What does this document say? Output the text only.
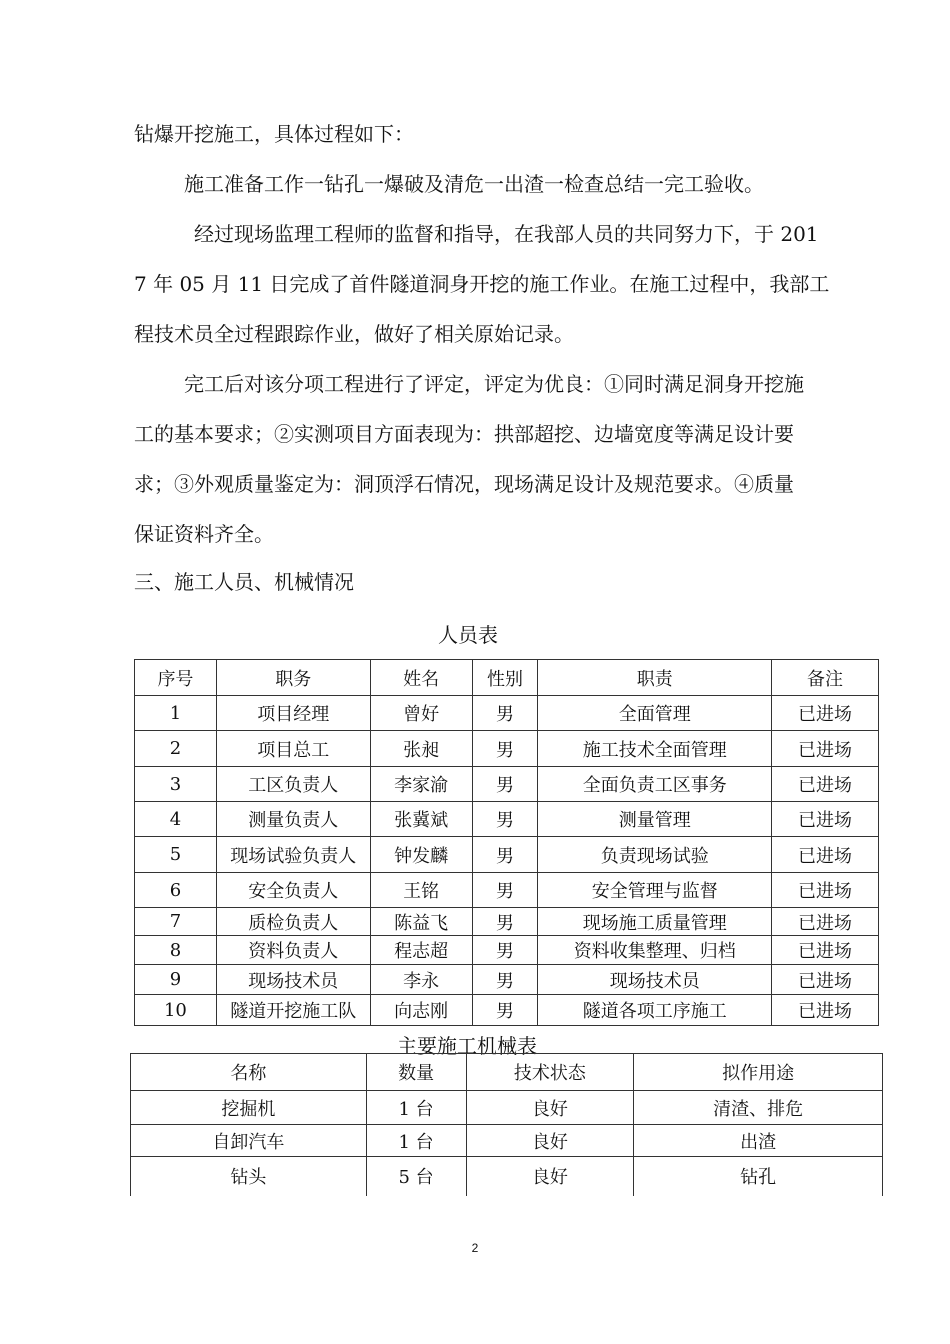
钻爆开挖施工，具体过程如下：
施工准备工作一钻孔一爆破及清危一出渣一检查总结一完工验收。
经过现场监理工程师的监督和指导，在我部人员的共同努力下，于 201
7 年 05 月 11 日完成了首件隧道洞身开挖的施工作业。在施工过程中，我部工
程技术员全过程跟踪作业，做好了相关原始记录。
完工后对该分项工程进行了评定，评定为优良：①同时满足洞身开挖施
工的基本要求；②实测项目方面表现为：拱部超挖、边墙宽度等满足设计要
求；③外观质量鉴定为：洞顶浮石情况，现场满足设计及规范要求。④质量
保证资料齐全。
三、施工人员、机械情况
人员表
序号	职务	姓名	性别	职责	备注
1	项目经理	曾好	男	全面管理	已进场
2	项目总工	张昶	男	施工技术全面管理	已进场
3	工区负责人	李家渝	男	全面负责工区事务	已进场
4	测量负责人	张冀斌	男	测量管理	已进场
5	现场试验负责人	钟发麟	男	负责现场试验	已进场
6	安全负责人	王铭	男	安全管理与监督	已进场
7	质检负责人	陈益飞	男	现场施工质量管理	已进场
8	资料负责人	程志超	男	资料收集整理、归档	已进场
9	现场技术员	李永	男	现场技术员	已进场
10	隧道开挖施工队	向志刚	男	隧道各项工序施工	已进场
主要施工机械表
名称	数量	技术状态	拟作用途
挖掘机	1 台	良好	清渣、排危
自卸汽车	1 台	良好	出渣
钻头	5 台	良好	钻孔
2
